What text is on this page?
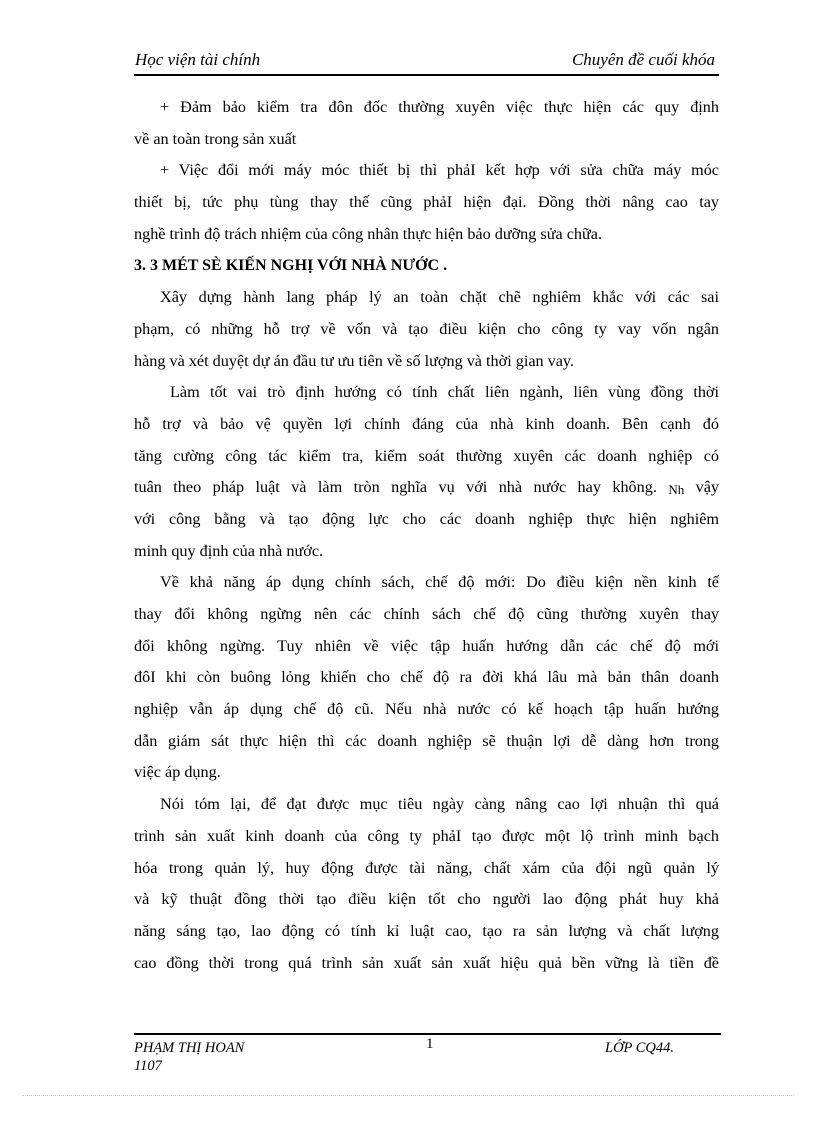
Học viện tài chính	Chuyên đề cuối khóa
+ Đảm bảo kiểm tra đôn đốc thường xuyên việc thực hiện các quy định
về an toàn trong sản xuất
+ Việc đổi mới máy móc thiết bị thì phảI kết hợp với sửa chữa máy móc
thiết bị, tức phụ tùng thay thế cũng phảI hiện đại. Đồng thời nâng cao tay
nghề trình độ trách nhiệm của công nhân thực hiện bảo dưỡng sửa chữa.
3. 3 MÉT SÈ KIẾN NGHỊ VỚI NHÀ NƯỚC .
Xây dựng hành lang pháp lý an toàn chặt chẽ nghiêm khắc với các sai
phạm, có những hỗ trợ về vốn và tạo điều kiện cho công ty vay vốn ngân
hàng và xét duyệt dự án đầu tư ưu tiên về số lượng và thời gian vay.
Làm tốt vai trò định hướng có tính chất liên ngành, liên vùng đồng thời
hỗ trợ và bảo vệ quyền lợi chính đáng của nhà kinh doanh. Bên cạnh đó
tăng cường công tác kiểm tra, kiểm soát thường xuyên các doanh nghiệp có
tuân theo pháp luật và làm tròn nghĩa vụ với nhà nước hay không. Nh vậy
với công bằng và tạo động lực cho các doanh nghiệp thực hiện nghiêm
minh quy định của nhà nước.
Về khả năng áp dụng chính sách, chế độ mới: Do điều kiện nền kinh tế
thay đổi không ngừng nên các chính sách chế độ cũng thường xuyên thay
đổi không ngừng. Tuy nhiên về việc tập huấn hướng dẫn các chế độ mới
đôI khi còn buông lỏng khiến cho chế độ ra đời khá lâu mà bản thân doanh
nghiệp vẫn áp dụng chế độ cũ. Nếu nhà nước có kế hoạch tập huấn hướng
dẫn giám sát thực hiện thì các doanh nghiệp sẽ thuận lợi dễ dàng hơn trong
việc áp dụng.
Nói tóm lại, để đạt được mục tiêu ngày càng nâng cao lợi nhuận thì quá
trình sản xuất kinh doanh của công ty phảI tạo được một lộ trình minh bạch
hóa trong quản lý, huy động được tài năng, chất xám của đội ngũ quản lý
và kỹ thuật đồng thời tạo điều kiện tốt cho người lao động phát huy khả
năng sáng tạo, lao động có tính kỉ luật cao, tạo ra sản lượng và chất lượng
cao đồng thời trong quá trình sản xuất sản xuất hiệu quả bền vững là tiền đề
PHẠM THỊ HOAN
1107
1	LỚP CQ44.
